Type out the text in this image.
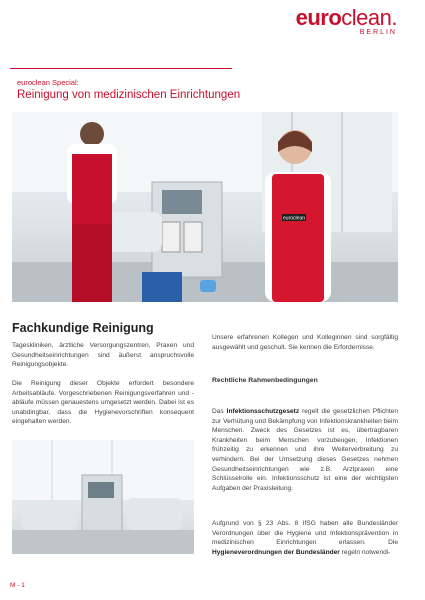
euroclean.
BERLIN
euroclean Special:
Reinigung von medizinischen Einrichtungen
euroclean
Fachkundige Reinigung
Tageskliniken, ärztliche Versorgungszentren, Praxen und Gesundheitseinrichtungen sind äußerst anspruchsvolle Reinigungsobjekte.
Die Reinigung dieser Objekte erfordert besondere Arbeitsabläufe. Vorgeschriebenen Reinigungsverfahren und -abläufe müssen genauestens umgesetzt werden. Dabei ist es unabdingbar, dass die Hygienevorschriften konsequent eingehalten werden.
Unsere erfahrenen Kollegen und Kolleginnen sind sorgfältig ausgewählt und geschult. Sie kennen die Erfordernisse.
Rechtliche Rahmenbedingungen
Das Infektionsschutzgesetz regelt die gesetzlichen Pflichten zur Verhütung und Bekämpfung von Infektionskrankheiten beim Menschen. Zweck des Gesetzes ist es, übertragbaren Krankheiten beim Menschen vorzubeugen, Infektionen frühzeitig zu erkennen und ihre Weiterverbreitung zu verhindern. Bei der Umsetzung dieses Gesetzes nehmen Gesundheitseinrichtungen wie z.B. Arztpraxen eine Schlüsselrolle ein. Infektionsschutz ist eine der wichtigsten Aufgaben der Praxisleitung.
Aufgrund von § 23 Abs. 8 IfSG haben alle Bundesländer Verordnungen über die Hygiene und Infektionsprävention in medizinischen Einrichtungen erlassen. Die Hygieneverordnungen der Bundesländer regeln notwendi-
M - 1
